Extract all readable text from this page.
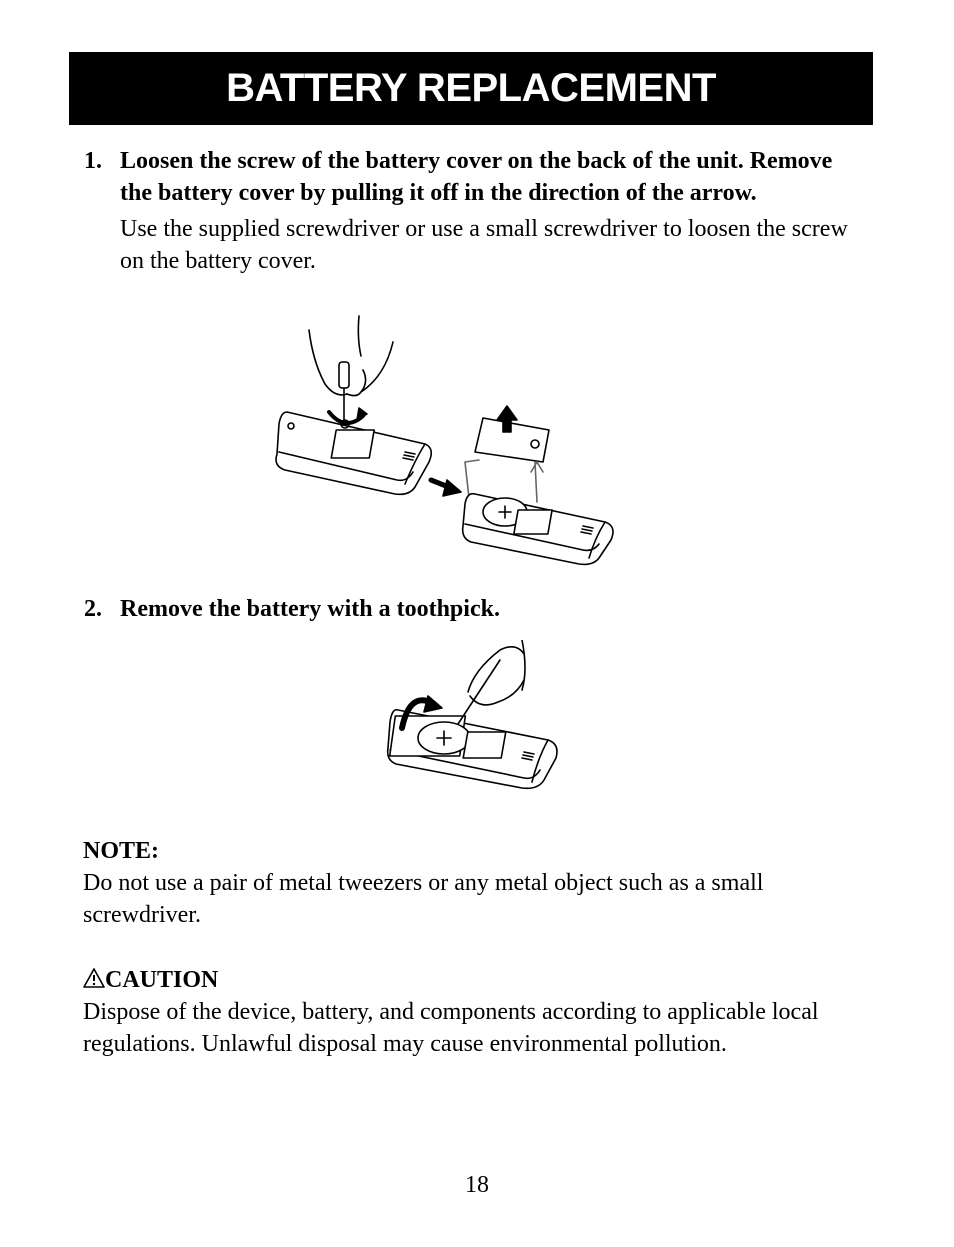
BATTERY REPLACEMENT
1. Loosen the screw of the battery cover on the back of the unit. Remove the battery cover by pulling it off in the direction of the arrow.
Use the supplied screwdriver or use a small screwdriver to loosen the screw on the battery cover.
2. Remove the battery with a toothpick.
NOTE:
Do not use a pair of metal tweezers or any metal object such as a small screwdriver.
CAUTION
Dispose of the device, battery, and components according to applicable local regulations. Unlawful disposal may cause environmental pollution.
18
